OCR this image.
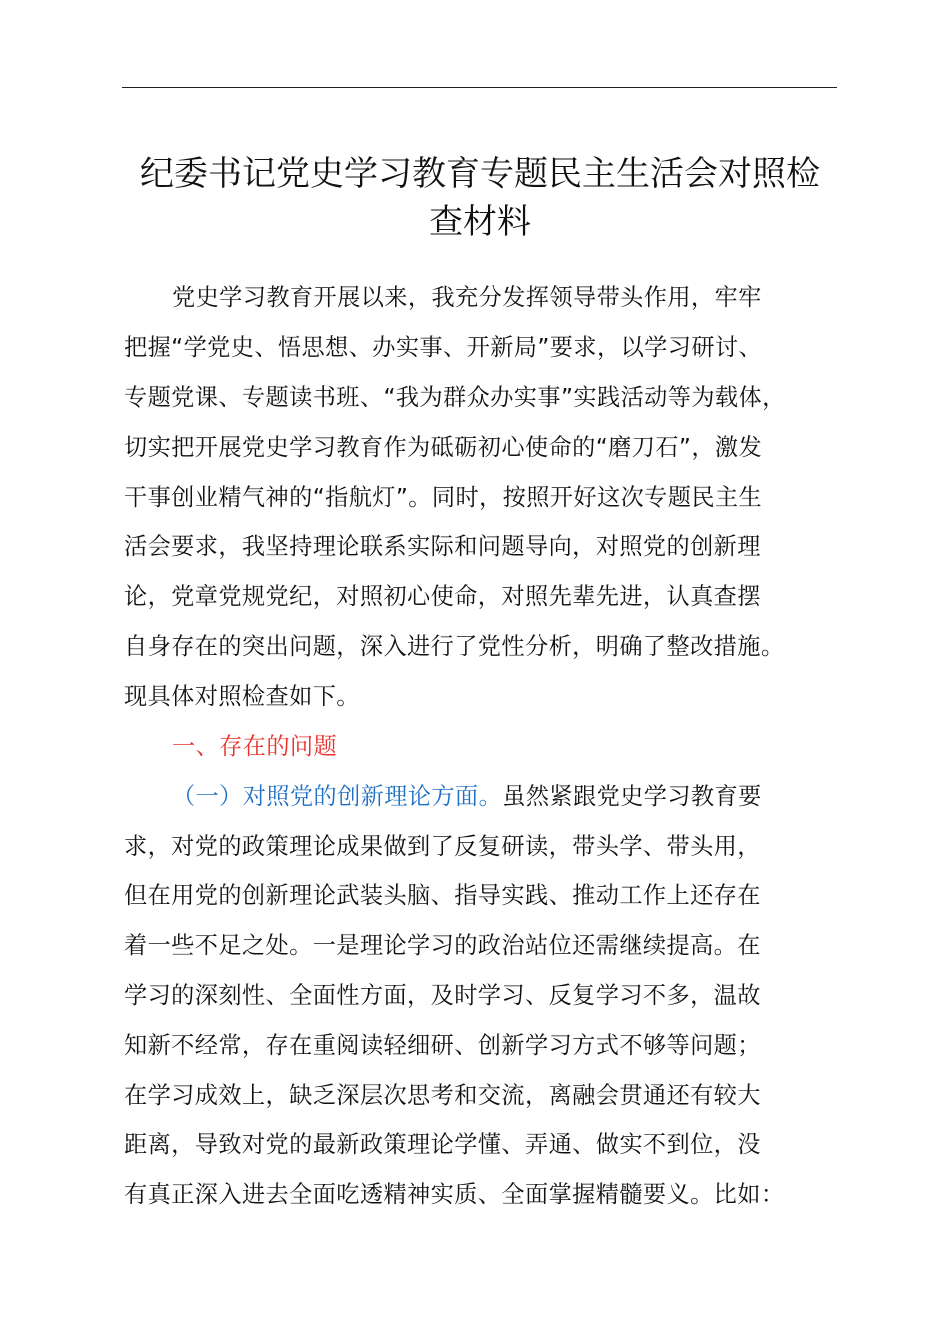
纪委书记党史学习教育专题民主生活会对照检
查材料
党史学习教育开展以来，我充分发挥领导带头作用，牢牢
把握“学党史、悟思想、办实事、开新局”要求，以学习研讨、
专题党课、专题读书班、“我为群众办实事”实践活动等为载体，
切实把开展党史学习教育作为砥砺初心使命的“磨刀石”，激发
干事创业精气神的“指航灯”。同时，按照开好这次专题民主生
活会要求，我坚持理论联系实际和问题导向，对照党的创新理
论，党章党规党纪，对照初心使命，对照先辈先进，认真查摆
自身存在的突出问题，深入进行了党性分析，明确了整改措施。
现具体对照检查如下。
一、存在的问题
（一）对照党的创新理论方面。虽然紧跟党史学习教育要
求，对党的政策理论成果做到了反复研读，带头学、带头用，
但在用党的创新理论武装头脑、指导实践、推动工作上还存在
着一些不足之处。一是理论学习的政治站位还需继续提高。在
学习的深刻性、全面性方面，及时学习、反复学习不多，温故
知新不经常，存在重阅读轻细研、创新学习方式不够等问题；
在学习成效上，缺乏深层次思考和交流，离融会贯通还有较大
距离，导致对党的最新政策理论学懂、弄通、做实不到位，没
有真正深入进去全面吃透精神实质、全面掌握精髓要义。比如：
